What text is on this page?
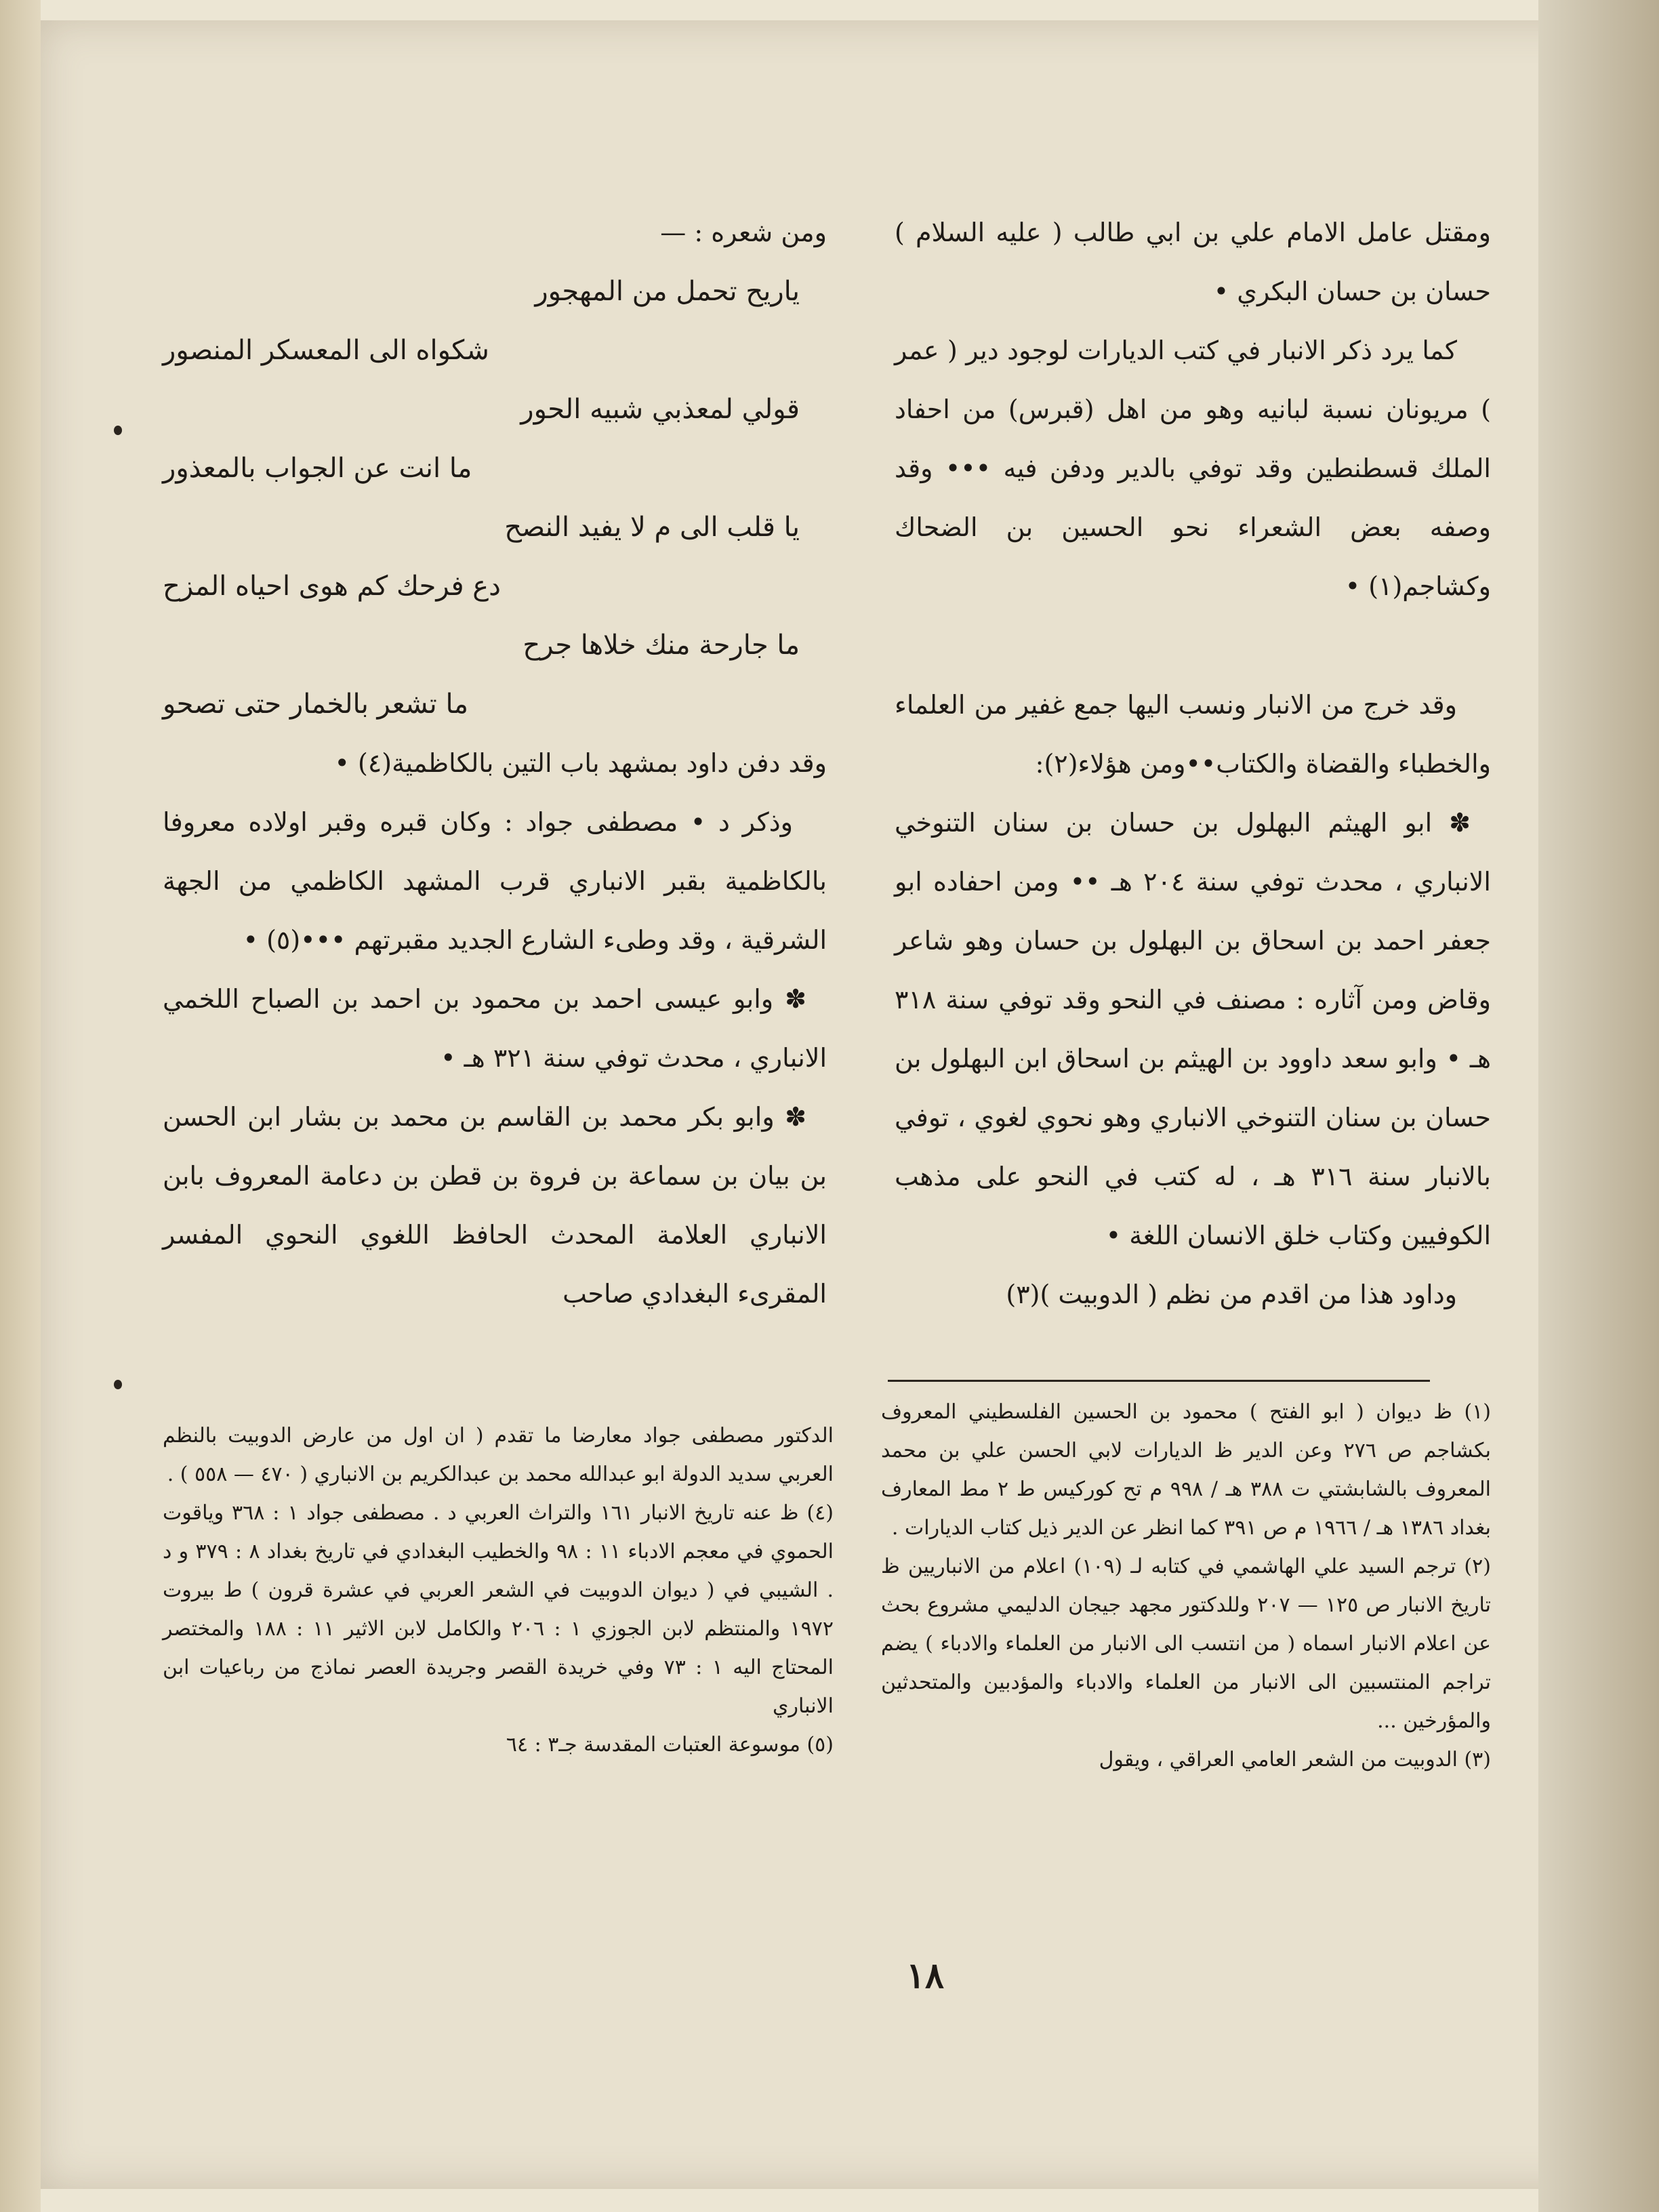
ومقتل عامل الامام علي بن ابي طالب ( عليه السلام ) حسان بن حسان البكري •

كما يرد ذكر الانبار في كتب الديارات لوجود دير ( عمر ) مريونان نسبة لبانيه وهو من اهل (قبرس) من احفاد الملك قسطنطين وقد توفي بالدير ودفن فيه ••• وقد وصفه بعض الشعراء نحو الحسين بن الضحاك وكشاجم(١) •

وقد خرج من الانبار ونسب اليها جمع غفير من العلماء والخطباء والقضاة والكتاب••ومن هؤلاء(٢):

✽ ابو الهيثم البهلول بن حسان بن سنان التنوخي الانباري ، محدث توفي سنة ٢٠٤ هـ •• ومن احفاده ابو جعفر احمد بن اسحاق بن البهلول بن حسان وهو شاعر وقاض ومن آثاره : مصنف في النحو وقد توفي سنة ٣١٨ هـ • وابو سعد داوود بن الهيثم بن اسحاق ابن البهلول بن حسان بن سنان التنوخي الانباري وهو نحوي لغوي ، توفي بالانبار سنة ٣١٦ هـ ، له كتب في النحو على مذهب الكوفيين وكتاب خلق الانسان اللغة •

وداود هذا من اقدم من نظم ( الدوبيت )(٣)

ومن شعره : —

ياريح تحمل من المهجور

شكواه الى المعسكر المنصور

قولي لمعذبي شبيه الحور

ما انت عن الجواب بالمعذور

يا قلب الى م لا يفيد النصح

دع فرحك كم هوى احياه المزح

ما جارحة منك خلاها جرح

ما تشعر بالخمار حتى تصحو

وقد دفن داود بمشهد باب التين بالكاظمية(٤) •

وذكر د • مصطفى جواد : وكان قبره وقبر اولاده معروفا بالكاظمية بقبر الانباري قرب المشهد الكاظمي من الجهة الشرقية ، وقد وطىء الشارع الجديد مقبرتهم •••(٥) •

✽ وابو عيسى احمد بن محمود بن احمد بن الصباح اللخمي الانباري ، محدث توفي سنة ٣٢١ هـ •

✽ وابو بكر محمد بن القاسم بن محمد بن بشار ابن الحسن بن بيان بن سماعة بن فروة بن قطن بن دعامة المعروف بابن الانباري العلامة المحدث الحافظ اللغوي النحوي المفسر المقرىء البغدادي صاحب

(١) ظ ديوان ( ابو الفتح ) محمود بن الحسين الفلسطيني المعروف بكشاجم ص ٢٧٦ وعن الدير ظ الديارات لابي الحسن علي بن محمد المعروف بالشابشتي ت ٣٨٨ هـ / ٩٩٨ م تح كوركيس ط ٢ مط المعارف بغداد ١٣٨٦ هـ / ١٩٦٦ م ص ٣٩١ كما انظر عن الدير ذيل كتاب الديارات .

(٢) ترجم السيد علي الهاشمي في كتابه لـ (١٠٩) اعلام من الانباريين ظ تاريخ الانبار ص ١٢٥ — ٢٠٧ وللدكتور مجهد جيجان الدليمي مشروع بحث عن اعلام الانبار اسماه ( من انتسب الى الانبار من العلماء والادباء ) يضم تراجم المنتسبين الى الانبار من العلماء والادباء والمؤدبين والمتحدثين والمؤرخين ...

(٣) الدوبيت من الشعر العامي العراقي ، ويقول

الدكتور مصطفى جواد معارضا ما تقدم ( ان اول من عارض الدوبيت بالنظم العربي سديد الدولة ابو عبدالله محمد بن عبدالكريم بن الانباري ( ٤٧٠ — ٥٥٨ ) .

(٤) ظ عنه تاريخ الانبار ١٦١ والتراث العربي د . مصطفى جواد ١ : ٣٦٨ وياقوت الحموي في معجم الادباء ١١ : ٩٨ والخطيب البغدادي في تاريخ بغداد ٨ : ٣٧٩ و د . الشيبي في ( ديوان الدوبيت في الشعر العربي في عشرة قرون ) ط بيروت ١٩٧٢ والمنتظم لابن الجوزي ١ : ٢٠٦ والكامل لابن الاثير ١١ : ١٨٨ والمختصر المحتاج اليه ١ : ٧٣ وفي خريدة القصر وجريدة العصر نماذج من رباعيات ابن الانباري

(٥) موسوعة العتبات المقدسة جـ٣ : ٦٤

١٨
